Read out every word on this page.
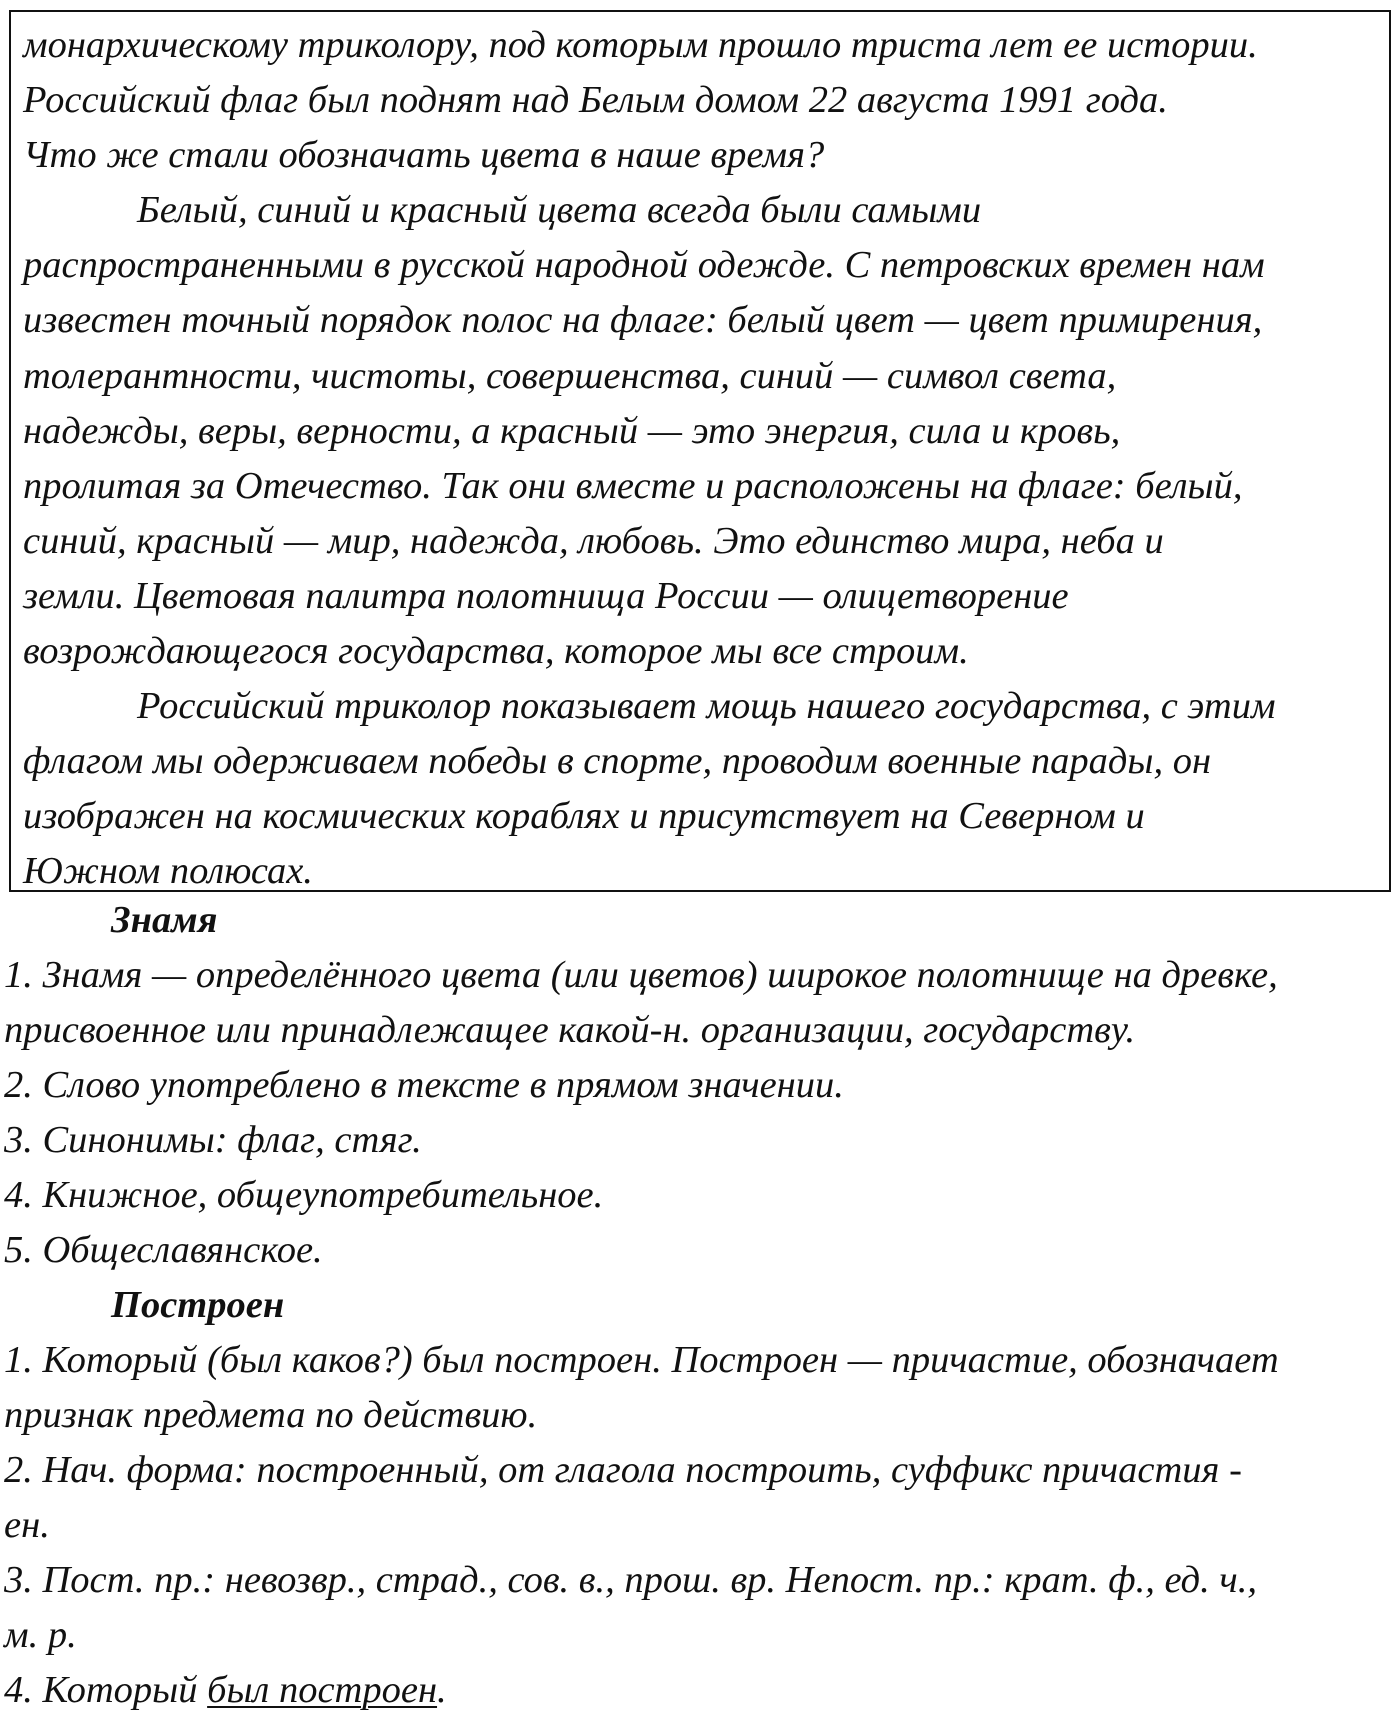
монархическому триколору, под которым прошло триста лет ее истории.
Российский флаг был поднят над Белым домом 22 августа 1991 года.
Что же стали обозначать цвета в наше время?
Белый, синий и красный цвета всегда были самыми
распространенными в русской народной одежде. С петровских времен нам
известен точный порядок полос на флаге: белый цвет — цвет примирения,
толерантности, чистоты, совершенства, синий — символ света,
надежды, веры, верности, а красный — это энергия, сила и кровь,
пролитая за Отечество. Так они вместе и расположены на флаге: белый,
синий, красный — мир, надежда, любовь. Это единство мира, неба и
земли. Цветовая палитра полотнища России — олицетворение
возрождающегося государства, которое мы все строим.
Российский триколор показывает мощь нашего государства, с этим
флагом мы одерживаем победы в спорте, проводим военные парады, он
изображен на космических кораблях и присутствует на Северном и
Южном полюсах.
Знамя
1. Знамя — определённого цвета (или цветов) широкое полотнище на древке,
присвоенное или принадлежащее какой-н. организации, государству.
2. Слово употреблено в тексте в прямом значении.
3. Синонимы: флаг, стяг.
4. Книжное, общеупотребительное.
5. Общеславянское.
Построен
1. Который (был каков?) был построен. Построен — причастие, обозначает
признак предмета по действию.
2. Нач. форма: построенный, от глагола построить, суффикс причастия -
ен.
3. Пост. пр.: невозвр., страд., сов. в., прош. вр. Непост. пр.: крат. ф., ед. ч.,
м. р.
4. Который был построен.
